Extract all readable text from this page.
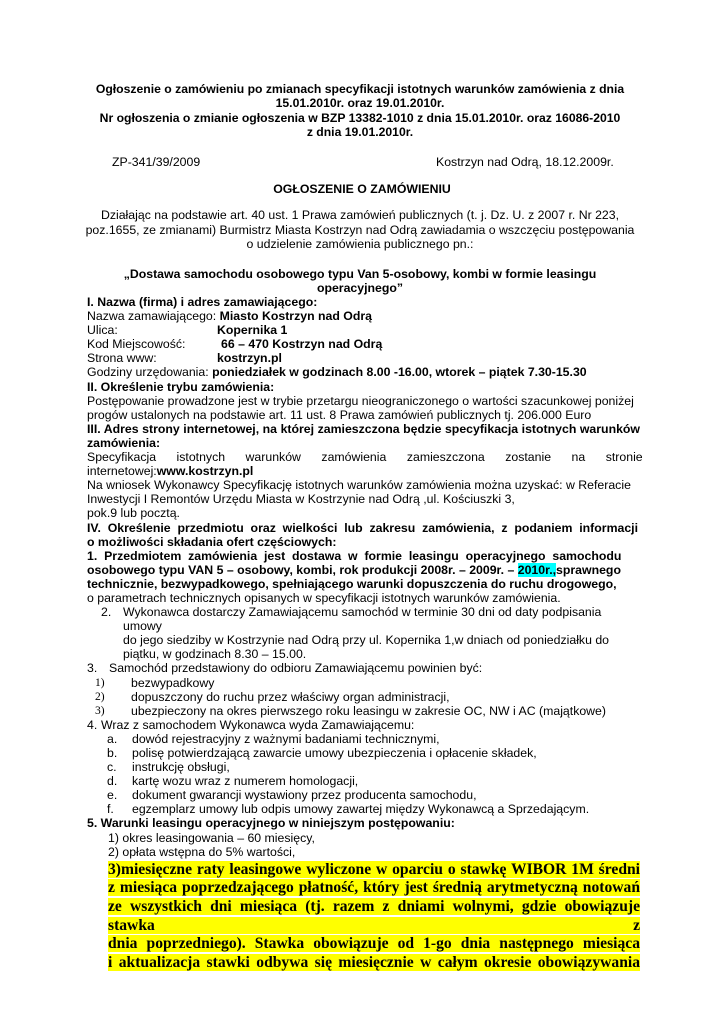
Ogłoszenie o zamówieniu po zmianach specyfikacji istotnych warunków zamówienia z dnia
15.01.2010r. oraz 19.01.2010r.
Nr ogłoszenia o zmianie ogłoszenia w BZP 13382-1010 z dnia 15.01.2010r. oraz 16086-2010
z dnia 19.01.2010r.
ZP-341/39/2009	Kostrzyn nad Odrą, 18.12.2009r.
OGŁOSZENIE O ZAMÓWIENIU
Działając na podstawie art. 40 ust. 1 Prawa zamówień publicznych (t. j. Dz. U. z 2007 r. Nr 223,
poz.1655, ze zmianami) Burmistrz Miasta Kostrzyn nad Odrą zawiadamia o wszczęciu postępowania
o udzielenie zamówienia publicznego pn.:
„Dostawa samochodu osobowego typu Van 5-osobowy, kombi w formie leasingu operacyjnego”

I. Nazwa (firma) i adres zamawiającego:

Nazwa zamawiającego: Miasto Kostrzyn nad Odrą

Ulica:	Kopernika 1
Kod Miejscowość:	66 – 470 Kostrzyn nad Odrą
Strona www:	kostrzyn.pl

Godziny urzędowania: poniedziałek w godzinach 8.00 -16.00, wtorek – piątek 7.30-15.30

II. Określenie trybu zamówienia:

Postępowanie prowadzone jest w trybie przetargu nieograniczonego o wartości szacunkowej poniżej

progów ustalonych na podstawie art. 11 ust. 8 Prawa zamówień publicznych tj. 206.000 Euro

III. Adres strony internetowej, na której zamieszczona będzie specyfikacja istotnych warunków

zamówienia:

Specyfikacja      istotnych      warunków      zamówienia      zamieszczona      zostanie      na      stronie

internetowej:www.kostrzyn.pl

Na wniosek Wykonawcy Specyfikację istotnych warunków zamówienia można uzyskać: w Referacie

Inwestycji I Remontów Urzędu Miasta w Kostrzynie nad Odrą ,ul. Kościuszki 3,

pok.9 lub pocztą.

IV.  Określenie  przedmiotu  oraz  wielkości  lub  zakresu  zamówienia,  z  podaniem  informacji

o możliwości składania ofert częściowych:

1.  Przedmiotem  zamówienia  jest  dostawa  w  formie  leasingu  operacyjnego  samochodu

osobowego typu VAN 5 – osobowy, kombi, rok produkcji 2008r. – 2009r. – 2010r.,sprawnego

technicznie, bezwypadkowego, spełniającego warunki dopuszczenia do ruchu drogowego,

o parametrach technicznych opisanych w specyfikacji istotnych warunków zamówienia.

2. Wykonawca dostarczy Zamawiającemu samochód w terminie 30 dni od daty podpisania umowy
do jego siedziby w Kostrzynie nad Odrą przy ul. Kopernika 1,w dniach od poniedziałku do
piątku, w godzinach 8.30 – 15.00.
3. Samochód przedstawiony do odbioru Zamawiającemu powinien być:
1)	bezwypadkowy
2)	dopuszczony do ruchu przez właściwy organ administracji,
3)	ubezpieczony na okres pierwszego roku leasingu w zakresie OC, NW i AC (majątkowe)
4. Wraz z samochodem Wykonawca wyda Zamawiającemu:
a.	dowód rejestracyjny z ważnymi badaniami technicznymi,
b.	polisę potwierdzającą zawarcie umowy ubezpieczenia i opłacenie składek,
c.	instrukcję obsługi,
d.	kartę wozu wraz z numerem homologacji,
e.	dokument gwarancji wystawiony przez producenta samochodu,
f.	egzemplarz umowy lub odpis umowy zawartej między Wykonawcą a Sprzedającym.

5. Warunki leasingu operacyjnego w niniejszym postępowaniu:

1) okres leasingowania – 60 miesięcy,

2) opłata wstępna do 5% wartości,

3)miesięczne raty leasingowe wyliczone w oparciu o stawkę WIBOR 1M średni
z miesiąca poprzedzającego płatność, który jest średnią arytmetyczną notowań
ze wszystkich dni miesiąca (tj. razem z dniami wolnymi, gdzie obowiązuje stawka z
dnia poprzedniego). Stawka obowiązuje od 1-go dnia następnego miesiąca
i aktualizacja stawki odbywa się miesięcznie w całym okresie obowiązywania
